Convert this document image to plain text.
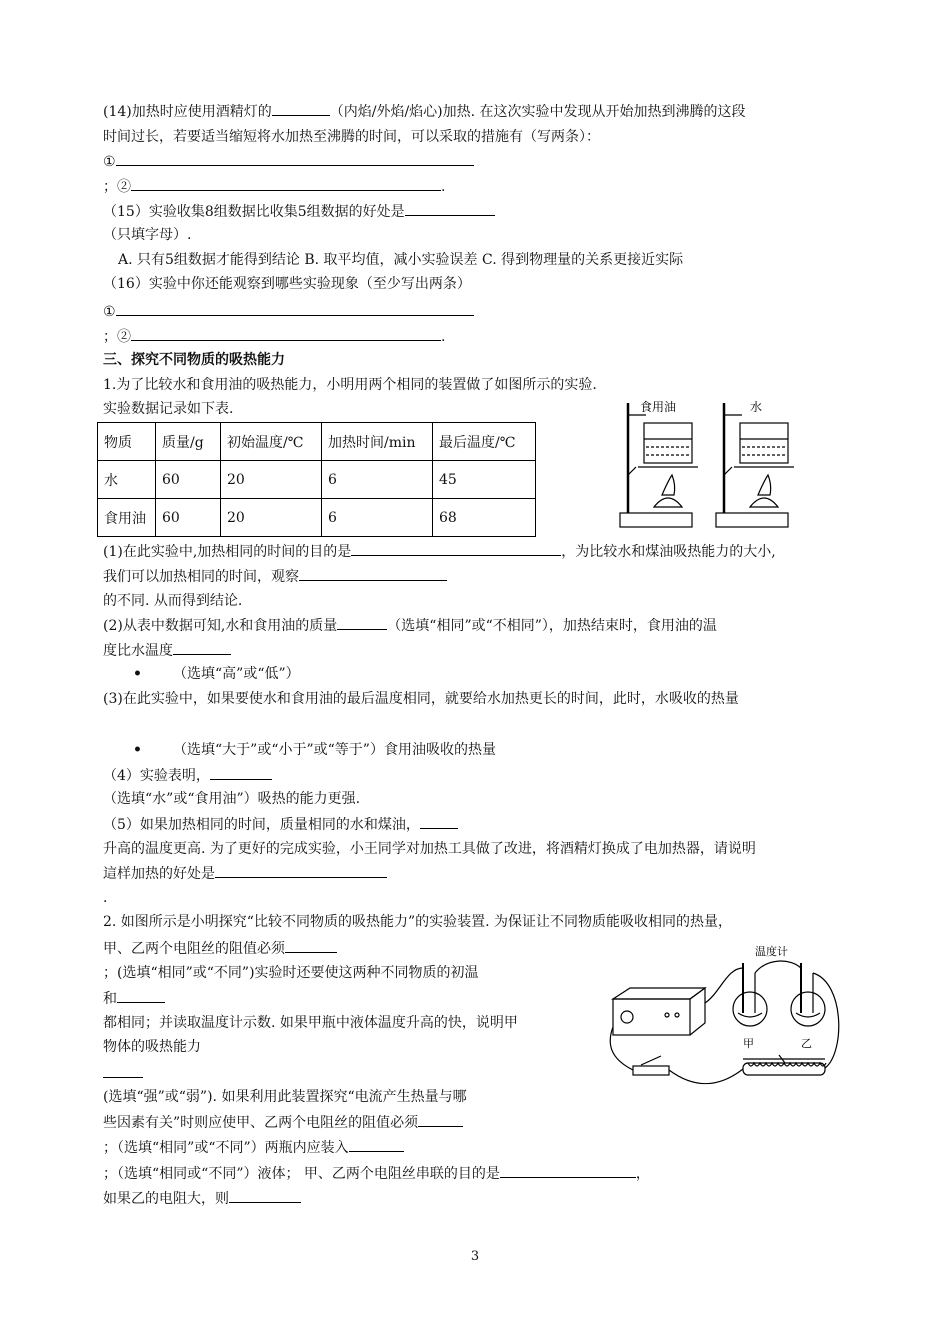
(14)加热时应使用酒精灯的	（内焰/外焰/焰心)加热. 在这次实验中发现从开始加热到沸腾的这段
时间过长，若要适当缩短将水加热至沸腾的时间，可以采取的措施有（写两条）：
①
；②	.
（15）实验收集8组数据比收集5组数据的好处是
（只填字母）.
A. 只有5组数据才能得到结论 B. 取平均值，减小实验误差 C. 得到物理量的关系更接近实际
（16）实验中你还能观察到哪些实验现象（至少写出两条）
①
；②	.
三、探究不同物质的吸热能力
1.为了比较水和食用油的吸热能力，小明用两个相同的装置做了如图所示的实验.
实验数据记录如下表.
物质	质量/g	初始温度/℃	加热时间/min	最后温度/℃
水	60	20	6	45
食用油	60	20	6	68
食用油	水
(1)在此实验中,加热相同的时间的目的是	，为比较水和煤油吸热能力的大小,
我们可以加热相同的时间，观察
的不同. 从而得到结论.
(2)从表中数据可知,水和食用油的质量	（选填“相同”或“不相同”），加热结束时，食用油的温
度比水温度
• （选填“高”或“低”）
(3)在此实验中，如果要使水和食用油的最后温度相同，就要给水加热更长的时间，此时，水吸收的热量
• （选填“大于”或“小于”或“等于”）食用油吸收的热量
（4）实验表明，
（选填“水”或“食用油”）吸热的能力更强.
（5）如果加热相同的时间，质量相同的水和煤油，
升高的温度更高. 为了更好的完成实验，小王同学对加热工具做了改进，将酒精灯换成了电加热器，请说明
這样加热的好处是
.
2. 如图所示是小明探究“比较不同物质的吸热能力”的实验装置. 为保证让不同物质能吸收相同的热量，
甲、乙两个电阻丝的阻值必须
；(选填“相同”或“不同”)实验时还要使这两种不同物质的初温
和
都相同；并读取温度计示数. 如果甲瓶中液体温度升高的快，说明甲
物体的吸热能力
(选填“强”或“弱”). 如果利用此装置探究“电流产生热量与哪
些因素有关”时则应使甲、乙两个电阻丝的阻值必须
；（选填“相同”或“不同”）两瓶内应装入
；（选填“相同或“不同”）液体； 甲、乙两个电阻丝串联的目的是	，
如果乙的电阻大，则
温度计
甲	乙
3
